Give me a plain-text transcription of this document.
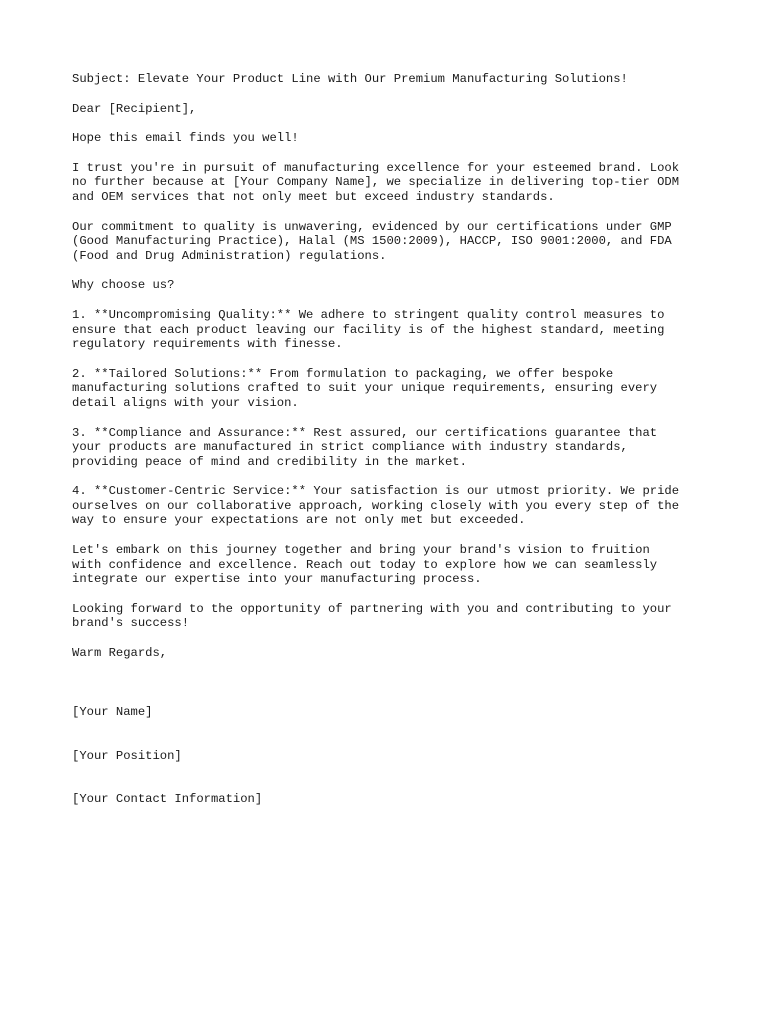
Subject: Elevate Your Product Line with Our Premium Manufacturing Solutions!

Dear [Recipient],

Hope this email finds you well!

I trust you're in pursuit of manufacturing excellence for your esteemed brand. Look
no further because at [Your Company Name], we specialize in delivering top-tier ODM
and OEM services that not only meet but exceed industry standards.

Our commitment to quality is unwavering, evidenced by our certifications under GMP
(Good Manufacturing Practice), Halal (MS 1500:2009), HACCP, ISO 9001:2000, and FDA
(Food and Drug Administration) regulations.

Why choose us?

1. **Uncompromising Quality:** We adhere to stringent quality control measures to
ensure that each product leaving our facility is of the highest standard, meeting
regulatory requirements with finesse.

2. **Tailored Solutions:** From formulation to packaging, we offer bespoke
manufacturing solutions crafted to suit your unique requirements, ensuring every
detail aligns with your vision.

3. **Compliance and Assurance:** Rest assured, our certifications guarantee that
your products are manufactured in strict compliance with industry standards,
providing peace of mind and credibility in the market.

4. **Customer-Centric Service:** Your satisfaction is our utmost priority. We pride
ourselves on our collaborative approach, working closely with you every step of the
way to ensure your expectations are not only met but exceeded.

Let's embark on this journey together and bring your brand's vision to fruition
with confidence and excellence. Reach out today to explore how we can seamlessly
integrate our expertise into your manufacturing process.

Looking forward to the opportunity of partnering with you and contributing to your
brand's success!

Warm Regards,

[Your Name]

[Your Position]

[Your Contact Information]
